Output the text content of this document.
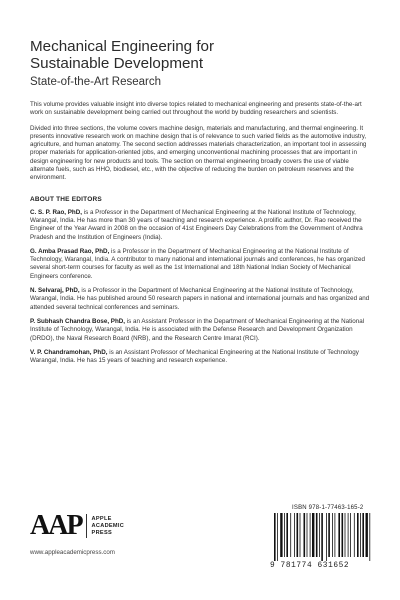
Mechanical Engineering for
Sustainable Development

State-of-the-Art Research

This volume provides valuable insight into diverse topics related to mechanical engineering and presents state-of-the-art work on sustainable development being carried out throughout the world by budding researchers and scientists.

Divided into three sections, the volume covers machine design, materials and manufacturing, and thermal engineering. It presents innovative research work on machine design that is of relevance to such varied fields as the automotive industry, agriculture, and human anatomy. The second section addresses materials characterization, an important tool in assessing proper materials for application-oriented jobs, and emerging unconventional machining processes that are important in design engineering for new products and tools. The section on thermal engineering broadly covers the use of viable alternate fuels, such as HHO, biodiesel, etc., with the objective of reducing the burden on petroleum reserves and the environment.

ABOUT THE EDITORS

C. S. P. Rao, PhD, is a Professor in the Department of Mechanical Engineering at the National Institute of Technology, Warangal, India. He has more than 30 years of teaching and research experience. A prolific author, Dr. Rao received the Engineer of the Year Award in 2008 on the occasion of 41st Engineers Day Celebrations from the Government of Andhra Pradesh and the Institution of Engineers (India).

G. Amba Prasad Rao, PhD, is a Professor in the Department of Mechanical Engineering at the National Institute of Technology, Warangal, India. A contributor to many national and international journals and conferences, he has organized several short-term courses for faculty as well as the 1st International and 18th National Indian Society of Mechanical Engineers conference.

N. Selvaraj, PhD, is a Professor in the Department of Mechanical Engineering at the National Institute of Technology, Warangal, India. He has published around 50 research papers in national and international journals and has organized and attended several technical conferences and seminars.

P. Subhash Chandra Bose, PhD, is an Assistant Professor in the Department of Mechanical Engineering at the National Institute of Technology, Warangal, India. He is associated with the Defense Research and Development Organization (DRDO), the Naval Research Board (NRB), and the Research Centre Imarat (RCI).

V. P. Chandramohan, PhD, is an Assistant Professor of Mechanical Engineering at the National Institute of Technology Warangal, India. He has 15 years of teaching and research experience.

AAP APPLE
ACADEMIC
PRESS
www.appleacademicpress.com
ISBN 978-1-77463-165-2
9 781774 631652
